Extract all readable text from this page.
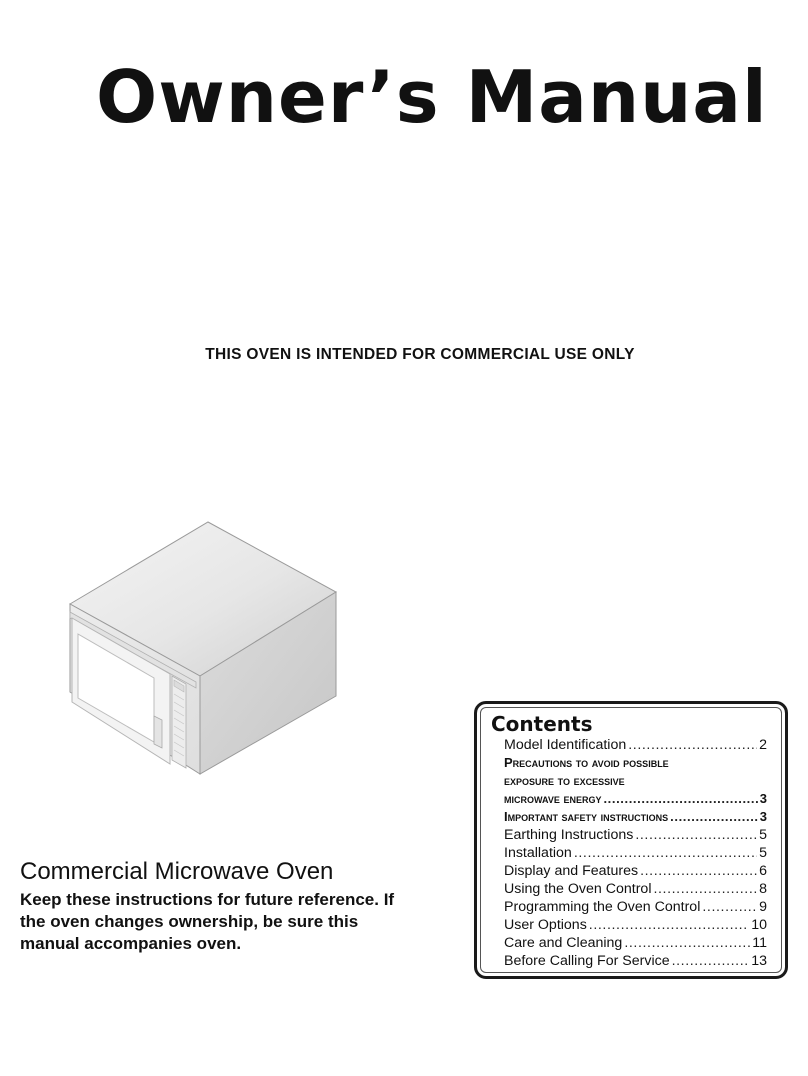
Owner’s Manual
THIS OVEN IS INTENDED FOR COMMERCIAL USE ONLY
Commercial Microwave Oven
Keep these instructions for future reference. If the oven changes ownership, be sure this manual accompanies oven.
Contents
Model Identification .....	2
Precautions to avoid possible
exposure to excessive
microwave energy .....	3
Important safety instructions .....	3
Earthing Instructions .....	5
Installation .....	5
Display and Features .....	6
Using the Oven Control .....	8
Programming the Oven Control .....	9
User Options .....	10
Care and Cleaning .....	11
Before Calling For Service .....	13
